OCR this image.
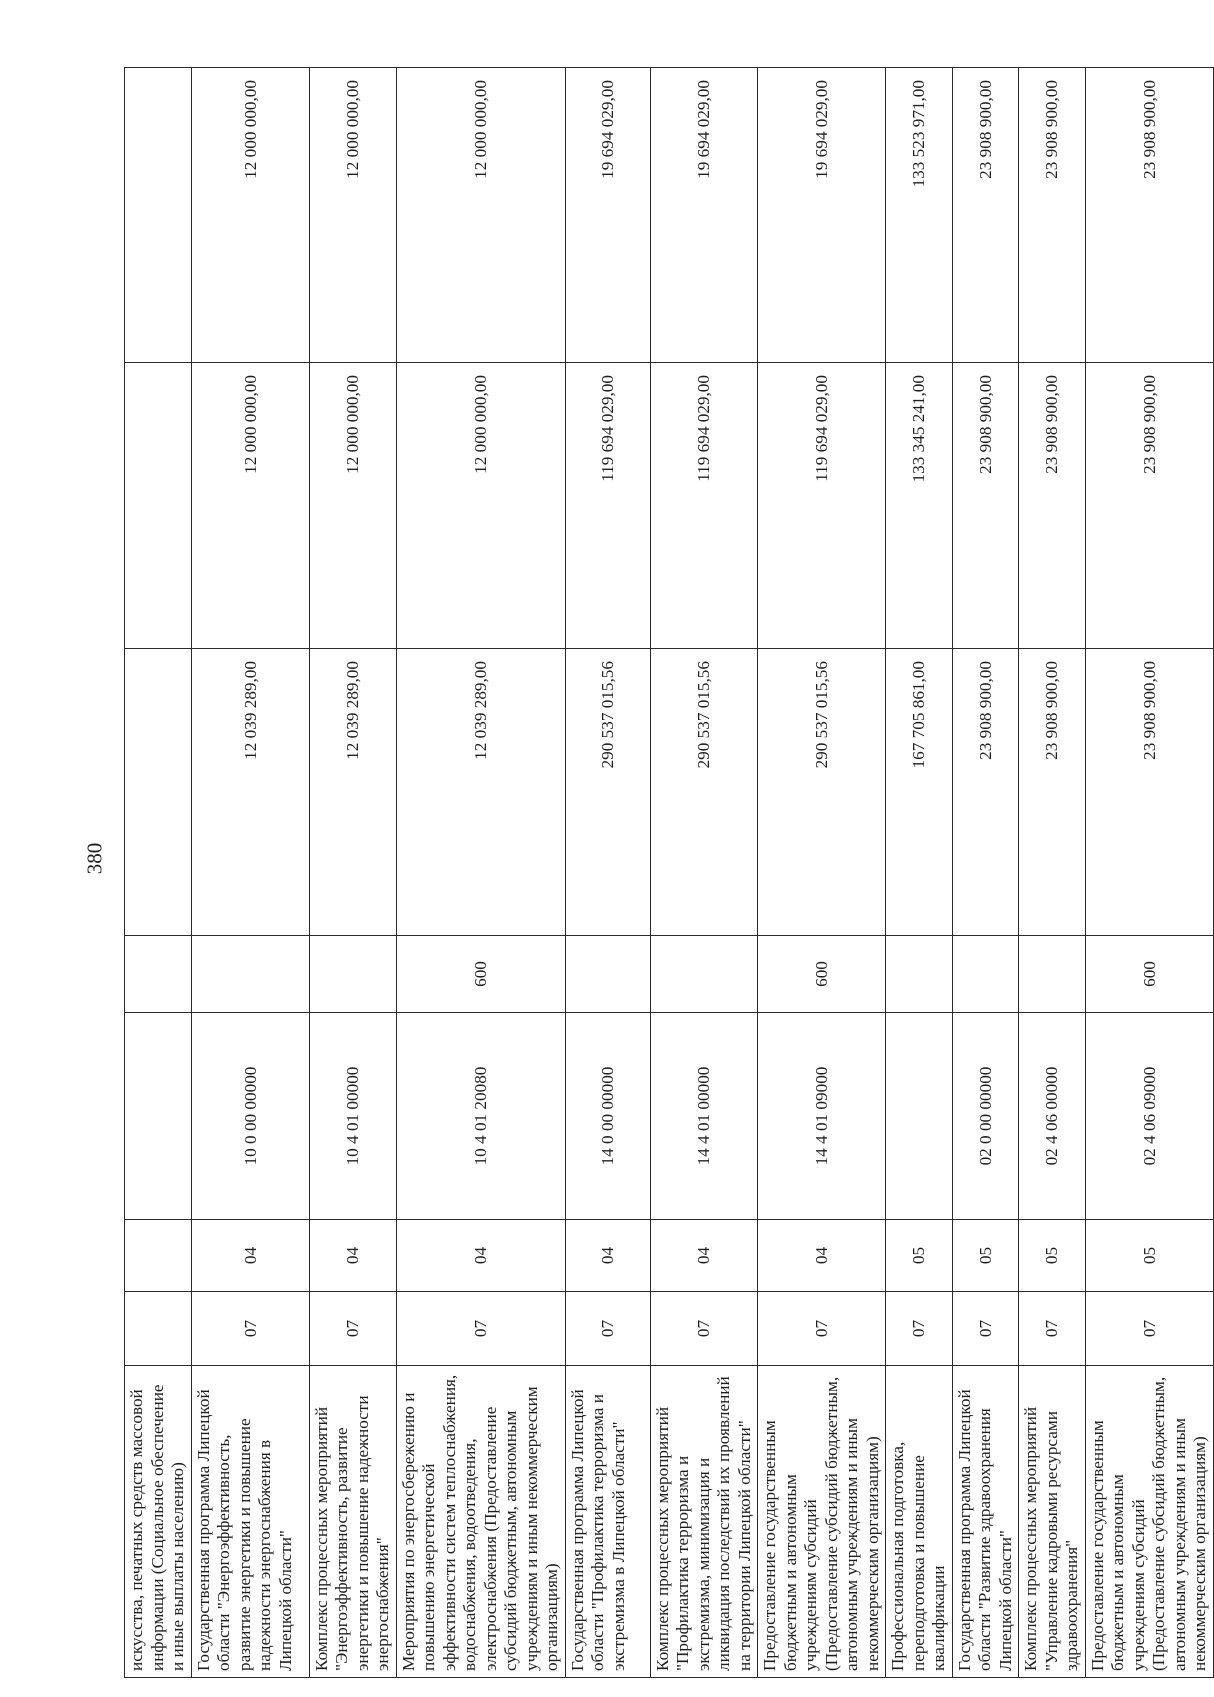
380
искусства, печатных средств массовой информации (Социальное обеспечение и иные выплаты населению)							
Государственная программа Липецкой области "Энергоэффективность, развитие энергетики и повышение надежности энергоснабжения в Липецкой области"	07	04	10 0 00 00000		12 039 289,00	12 000 000,00	12 000 000,00
Комплекс процессных мероприятий "Энергоэффективность, развитие энергетики и повышение надежности энергоснабжения"	07	04	10 4 01 00000		12 039 289,00	12 000 000,00	12 000 000,00
Мероприятия по энергосбережению и повышению энергетической эффективности систем теплоснабжения, водоснабжения, водоотведения, электроснабжения (Предоставление субсидий бюджетным, автономным учреждениям и иным некоммерческим организациям)	07	04	10 4 01 20080	600	12 039 289,00	12 000 000,00	12 000 000,00
Государственная программа Липецкой области "Профилактика терроризма и экстремизма в Липецкой области"	07	04	14 0 00 00000		290 537 015,56	119 694 029,00	19 694 029,00
Комплекс процессных мероприятий "Профилактика терроризма и экстремизма, минимизация и ликвидация последствий их проявлений на территории Липецкой области"	07	04	14 4 01 00000		290 537 015,56	119 694 029,00	19 694 029,00
Предоставление государственным бюджетным и автономным учреждениям субсидий (Предоставление субсидий бюджетным, автономным учреждениям и иным некоммерческим организациям)	07	04	14 4 01 09000	600	290 537 015,56	119 694 029,00	19 694 029,00
Профессиональная подготовка, переподготовка и повышение квалификации	07	05			167 705 861,00	133 345 241,00	133 523 971,00
Государственная программа Липецкой области "Развитие здравоохранения Липецкой области"	07	05	02 0 00 00000		23 908 900,00	23 908 900,00	23 908 900,00
Комплекс процессных мероприятий "Управление кадровыми ресурсами здравоохранения"	07	05	02 4 06 00000		23 908 900,00	23 908 900,00	23 908 900,00
Предоставление государственным бюджетным и автономным учреждениям субсидий (Предоставление субсидий бюджетным, автономным учреждениям и иным некоммерческим организациям)	07	05	02 4 06 09000	600	23 908 900,00	23 908 900,00	23 908 900,00
